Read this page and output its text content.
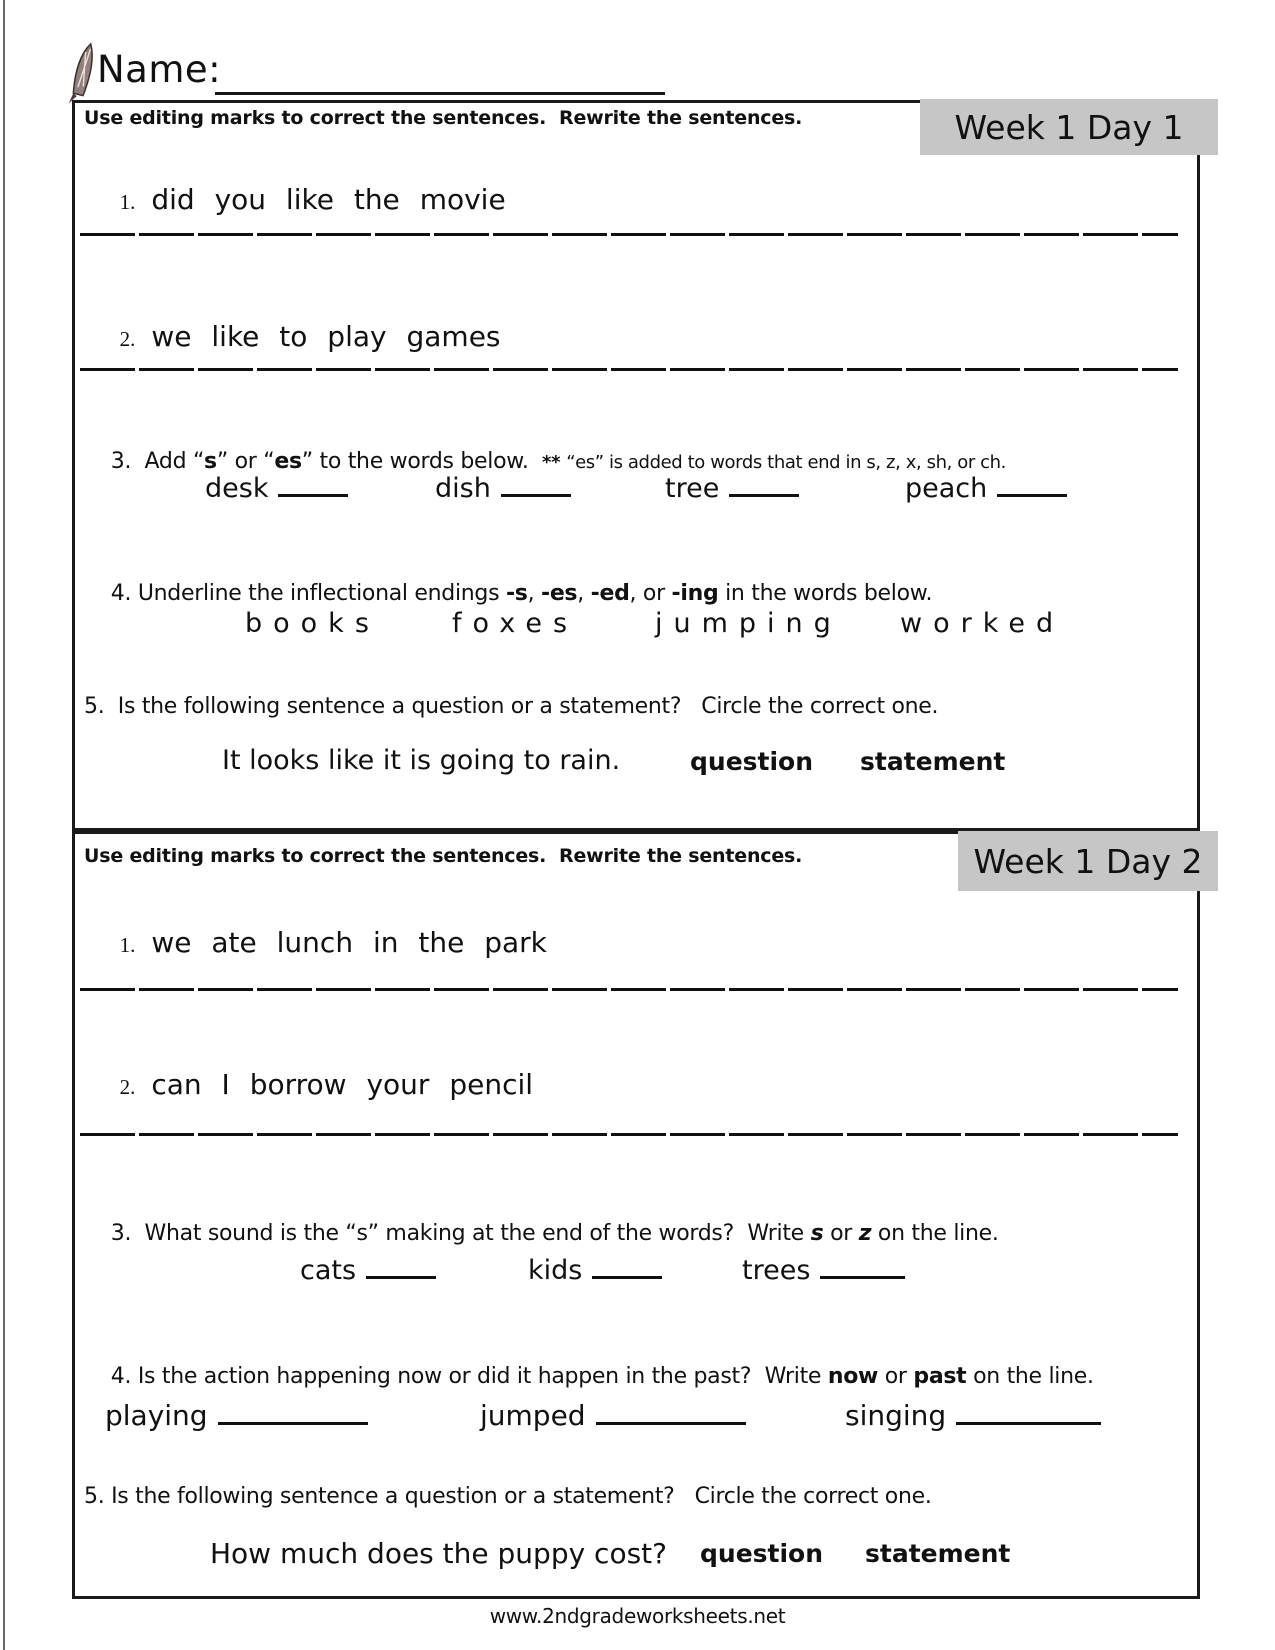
Name:
Week 1 Day 1
Use editing marks to correct the sentences.  Rewrite the sentences.

1. did you like the movie

2. we like to play games

3.  Add “s” or “es” to the words below.  ** “es” is added to words that end in s, z, x, sh, or ch.

desk	dish	tree	peach

4. Underline the inflectional endings -s, -es, -ed, or -ing in the words below.

books	foxes	jumping worked
5.  Is the following sentence a question or a statement?   Circle the correct one.
It looks like it is going to rain.	question statement
Week 1 Day 2
Use editing marks to correct the sentences.  Rewrite the sentences.

1. we ate lunch in the park

2. can I borrow your pencil

3.  What sound is the “s” making at the end of the words?  Write s or z on the line.

cats	kids	trees

4. Is the action happening now or did it happen in the past?  Write now or past on the line.

playing	jumped	singing
5. Is the following sentence a question or a statement?   Circle the correct one.
How much does the puppy cost? question statement
www.2ndgradeworksheets.net
